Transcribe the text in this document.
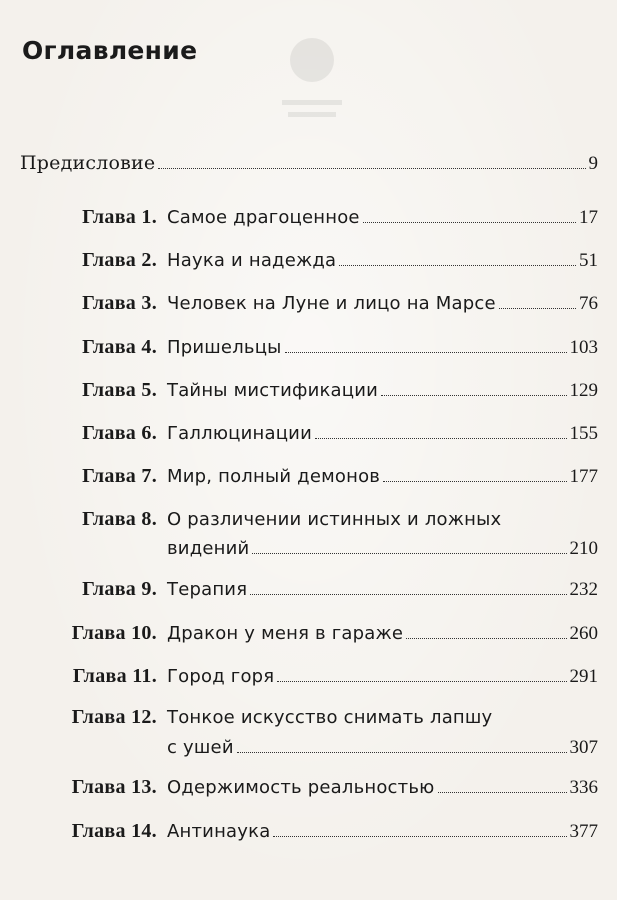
Оглавление
Предисловие	9
Глава 1. Самое драгоценное	17
Глава 2. Наука и надежда	51
Глава 3. Человек на Луне и лицо на Марсе	76
Глава 4. Пришельцы	103
Глава 5. Тайны мистификации	129
Глава 6. Галлюцинации	155
Глава 7. Мир, полный демонов	177
Глава 8. О различении истинных и ложных
видений	210
Глава 9. Терапия	232
Глава 10. Дракон у меня в гараже	260
Глава 11. Город горя	291
Глава 12. Тонкое искусство снимать лапшу
с ушей	307
Глава 13. Одержимость реальностью	336
Глава 14. Антинаука	377
